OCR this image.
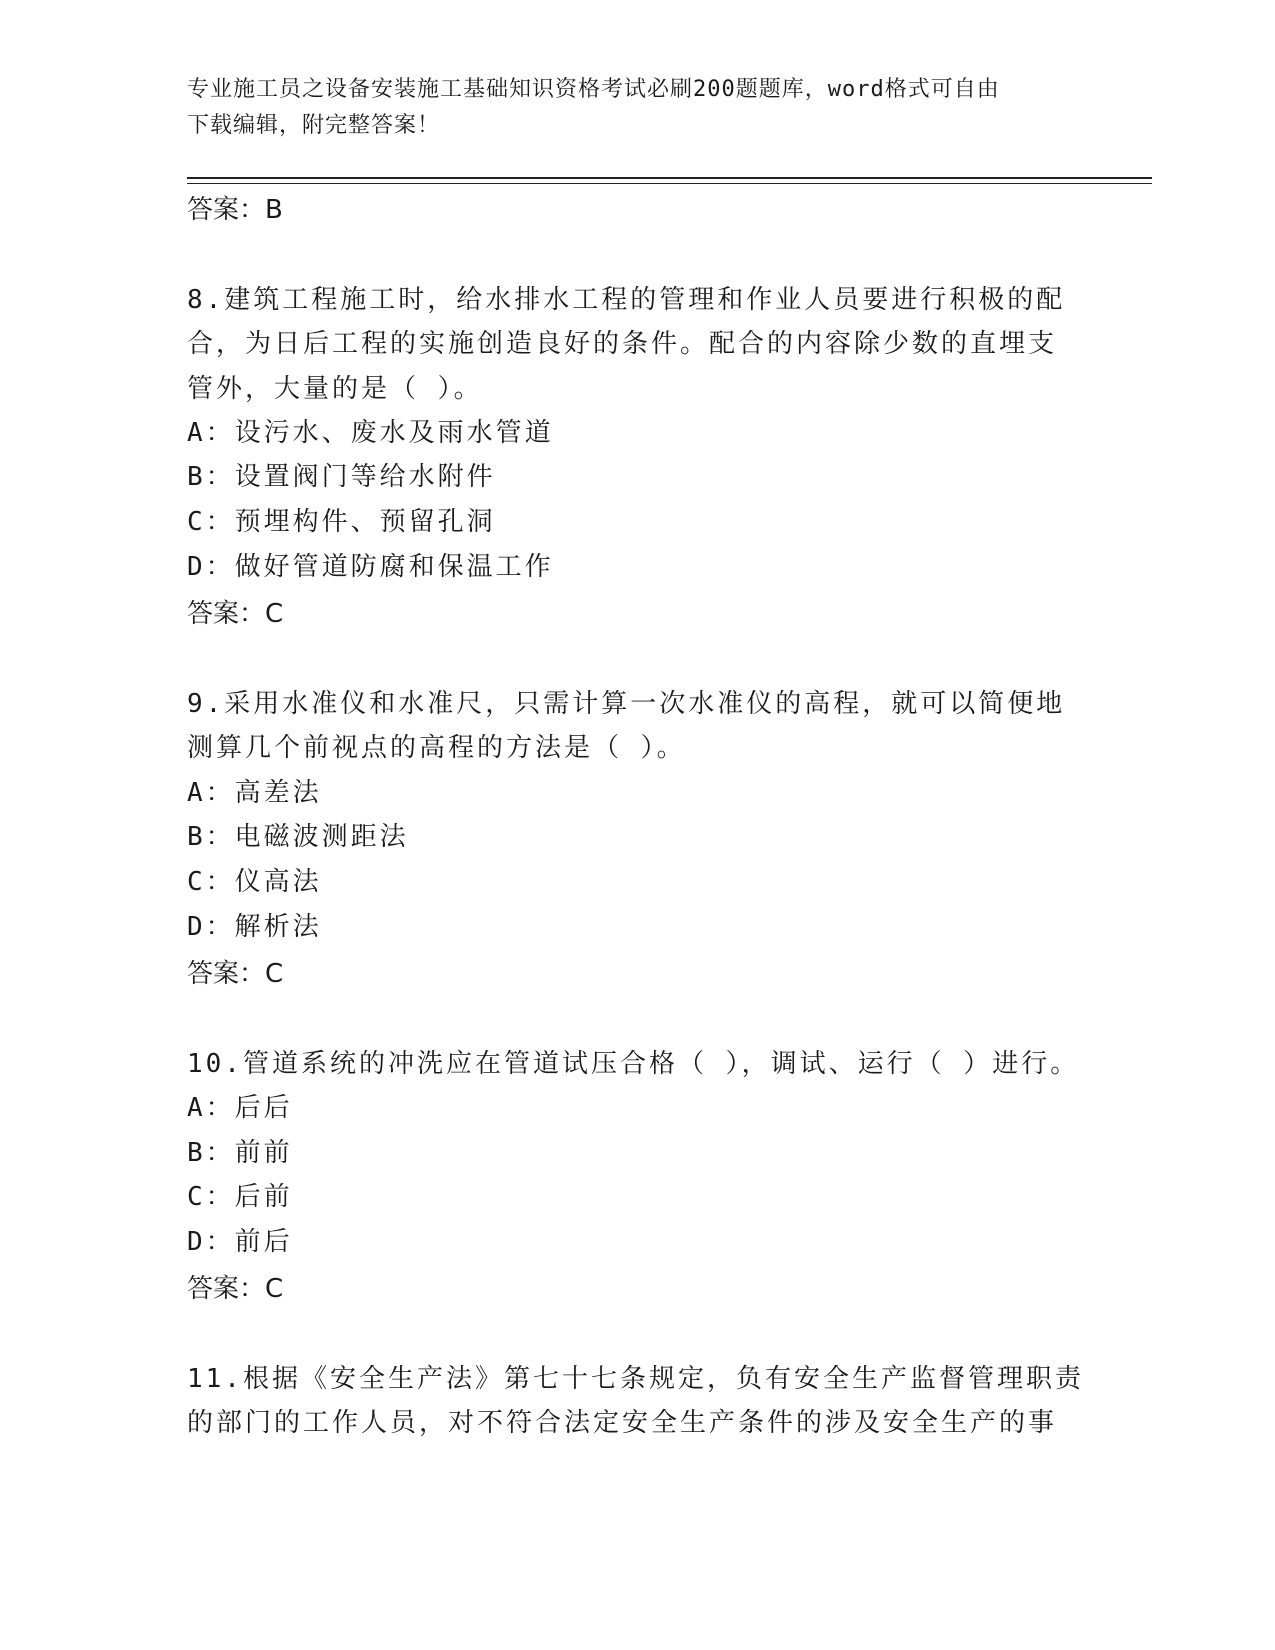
专业施工员之设备安装施工基础知识资格考试必刷200题题库，word格式可自由
下载编辑，附完整答案！
答案：B
8.建筑工程施工时，给水排水工程的管理和作业人员要进行积极的配
合，为日后工程的实施创造良好的条件。配合的内容除少数的直埋支
管外，大量的是（ ）。
A：设污水、废水及雨水管道
B：设置阀门等给水附件
C：预埋构件、预留孔洞
D：做好管道防腐和保温工作
答案：C
9.采用水准仪和水准尺，只需计算一次水准仪的高程，就可以简便地
测算几个前视点的高程的方法是（ ）。
A：高差法
B：电磁波测距法
C：仪高法
D：解析法
答案：C
10.管道系统的冲洗应在管道试压合格（ ），调试、运行（ ）进行。
A：后后
B：前前
C：后前
D：前后
答案：C
11.根据《安全生产法》第七十七条规定，负有安全生产监督管理职责
的部门的工作人员，对不符合法定安全生产条件的涉及安全生产的事
